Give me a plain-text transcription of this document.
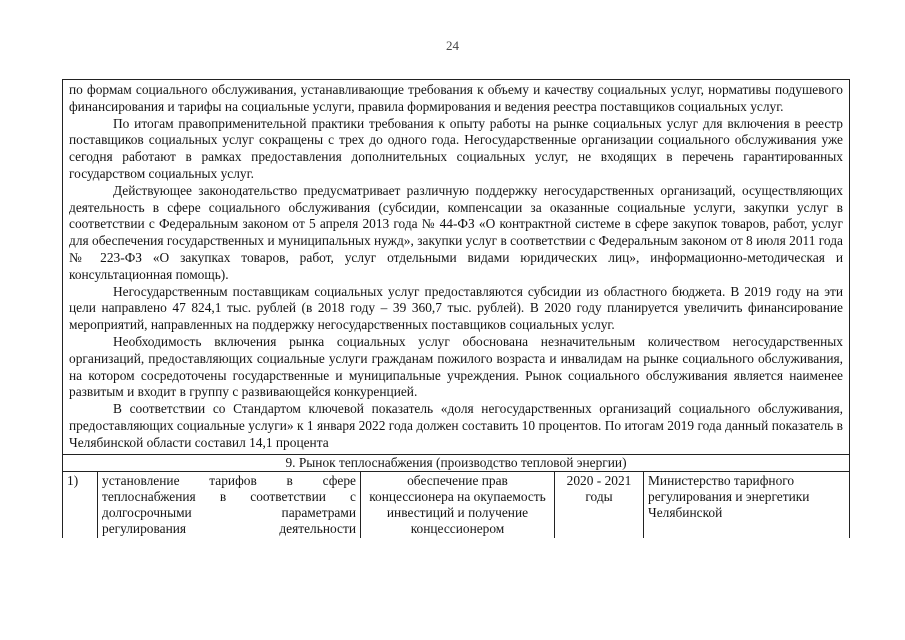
24

по формам социального обслуживания, устанавливающие требования к объему и качеству социальных услуг, нормативы подушевого финансирования и тарифы на социальные услуги, правила формирования и ведения реестра поставщиков социальных услуг.

По итогам правоприменительной практики требования к опыту работы на рынке социальных услуг для включения в реестр поставщиков социальных услуг сокращены с трех до одного года. Негосударственные организации социального обслуживания уже сегодня работают в рамках предоставления дополнительных социальных услуг, не входящих в перечень гарантированных государством социальных услуг.

Действующее законодательство предусматривает различную поддержку негосударственных организаций, осуществляющих деятельность в сфере социального обслуживания (субсидии, компенсации за оказанные социальные услуги, закупки услуг в соответствии с Федеральным законом от 5 апреля 2013 года № 44-ФЗ «О контрактной системе в сфере закупок товаров, работ, услуг для обеспечения государственных и муниципальных нужд», закупки услуг в соответствии с Федеральным законом от 8 июля 2011 года № 223-ФЗ «О закупках товаров, работ, услуг отдельными видами юридических лиц», информационно-методическая и консультационная помощь).

Негосударственным поставщикам социальных услуг предоставляются субсидии из областного бюджета. В 2019 году на эти цели направлено 47 824,1 тыс. рублей (в 2018 году – 39 360,7 тыс. рублей). В 2020 году планируется увеличить финансирование мероприятий, направленных на поддержку негосударственных поставщиков социальных услуг.

Необходимость включения рынка социальных услуг обоснована незначительным количеством негосударственных организаций, предоставляющих социальные услуги гражданам пожилого возраста и инвалидам на рынке социального обслуживания, на котором сосредоточены государственные и муниципальные учреждения. Рынок социального обслуживания является наименее развитым и входит в группу с развивающейся конкуренцией.

В соответствии со Стандартом ключевой показатель «доля негосударственных организаций социального обслуживания, предоставляющих социальные услуги» к 1 января 2022 года должен составить 10 процентов. По итогам 2019 года данный показатель в Челябинской области составил 14,1 процента

9. Рынок теплоснабжения (производство тепловой энергии)
1)	установление тарифов в сфере теплоснабжения в соответствии с долгосрочными параметрами регулирования деятельности	обеспечение прав концессионера на окупаемость инвестиций и получение концессионером	2020 - 2021 годы	Министерство тарифного регулирования и энергетики Челябинской
